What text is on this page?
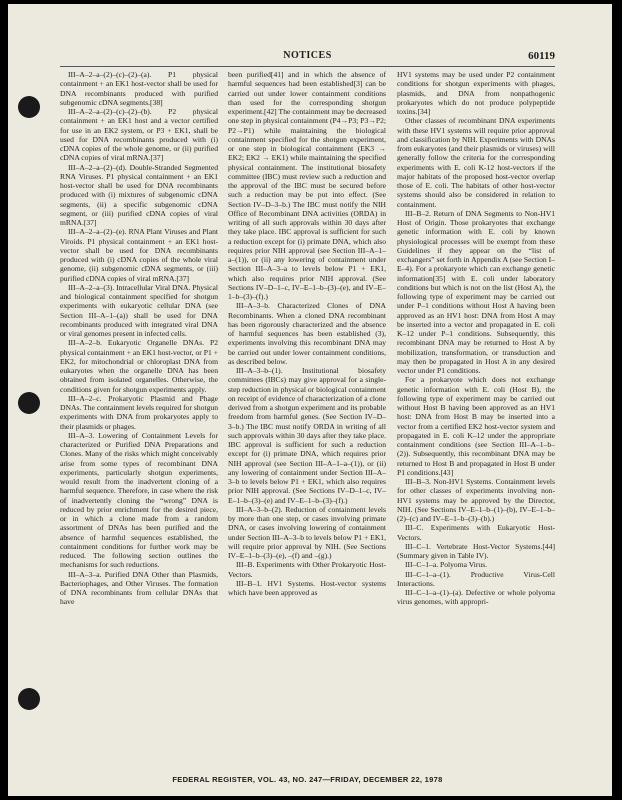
NOTICES	60119

III–A–2–a–(2)–(c)–(2)–(a). P1 physical containment + an EK1 host-vector shall be used for DNA recombinants produced with purified subgenomic cDNA segments.[38]

III–A–2–a–(2)–(c)–(2)–(b). P2 physical containment + an EK1 host and a vector certified for use in an EK2 system, or P3 + EK1, shall be used for DNA recombinants produced with (i) cDNA copies of the whole genome, or (ii) purified cDNA copies of viral mRNA.[37]

III–A–2–a–(2)–(d). Double-Stranded Segmented RNA Viruses. P1 physical containment + an EK1 host-vector shall be used for DNA recombinants produced with (i) mixtures of subgenomic cDNA segments, (ii) a specific subgenomic cDNA segment, or (iii) purified cDNA copies of viral mRNA.[37]

III–A–2–a–(2)–(e). RNA Plant Viruses and Plant Viroids. P1 physical containment + an EK1 host-vector shall be used for DNA recombinants produced with (i) cDNA copies of the whole viral genome, (ii) subgenomic cDNA segments, or (iii) purified cDNA copies of viral mRNA.[37]

III–A–2–a–(3). Intracellular Viral DNA. Physical and biological containment specified for shotgun experiments with eukaryotic cellular DNA (see Section III–A–1–(a)) shall be used for DNA recombinants produced with integrated viral DNA or viral genomes present in infected cells.

III–A–2–b. Eukaryotic Organelle DNAs. P2 physical containment + an EK1 host-vector, or P1 + EK2, for mitochondrial or chloroplast DNA from eukaryotes when the organelle DNA has been obtained from isolated organelles. Otherwise, the conditions given for shotgun experiments apply.

III–A–2–c. Prokaryotic Plasmid and Phage DNAs. The containment levels required for shotgun experiments with DNA from prokaryotes apply to their plasmids or phages.

III–A–3. Lowering of Containment Levels for characterized or Purified DNA Preparations and Clones. Many of the risks which might conceivably arise from some types of recombinant DNA experiments, particularly shotgun experiments, would result from the inadvertent cloning of a harmful sequence. Therefore, in case where the risk of inadvertently cloning the “wrong” DNA is reduced by prior enrichment for the desired piece, or in which a clone made from a random assortment of DNAs has been purified and the absence of harmful sequences established, the containment conditions for further work may be reduced. The following section outlines the mechanisms for such reductions.

III–A–3–a. Purified DNA Other than Plasmids, Bacteriophages, and Other Viruses. The formation of DNA recombinants from cellular DNAs that have

been purified[41] and in which the absence of harmful sequences had been established[3] can be carried out under lower containment conditions than used for the corresponding shotgun experiment.[42] The containment may be decreased one step in physical containment (P4→P3; P3→P2; P2→P1) while maintaining the biological containment specified for the shotgun experiment, or one step in biological containment (EK3 → EK2; EK2 → EK1) while maintaining the specified physical containment. The institutional biosafety committee (IBC) must review such a reduction and the approval of the IBC must be secured before such a reduction may be put into effect. (See Section IV–D–3–b.) The IBC must notify the NIH Office of Recombinant DNA activities (ORDA) in writing of all such approvals within 30 days after they take place. IBC approval is sufficient for such a reduction except for (i) primate DNA, which also requires prior NIH approval (see Section III–A–1–a–(1)), or (ii) any lowering of containment under Section III–A–3–a to levels below P1 + EK1, which also requires prior NIH approval. (See Sections IV–D–1–c, IV–E–1–b–(3)–(e), and IV–E–1–b–(3)–(f).)

III–A–3–b. Characterized Clones of DNA Recombinants. When a cloned DNA recombinant has been rigorously characterized and the absence of harmful sequences has been established (3), experiments involving this recombinant DNA may be carried out under lower containment conditions, as described below.

III–A–3–b–(1). Institutional biosafety committees (IBCs) may give approval for a single-step reduction in physical or biological containment on receipt of evidence of characterization of a clone derived from a shotgun experiment and its probable freedom from harmful genes. (See Section IV–D–3–b.) The IBC must notify ORDA in writing of all such approvals within 30 days after they take place. IBC approval is sufficient for such a reduction except for (i) primate DNA, which requires prior NIH approval (see Section III–A–1–a–(1)), or (ii) any lowering of containment under Section III–A–3–b to levels below P1 + EK1, which also requires prior NIH approval. (See Sections IV–D–1–c, IV–E–1–b–(3)–(e) and IV–E–1–b–(3)–(f).)

III–A–3–b–(2). Reduction of containment levels by more than one step, or cases involving primate DNA, or cases involving lowering of containment under Section III–A–3–b to levels below P1 + EK1, will require prior approval by NIH. (See Sections IV–E–1–b–(3)–(e), –(f) and –(g).)

III–B. Experiments with Other Prokaryotic Host-Vectors.

III–B–1. HV1 Systems. Host-vector systems which have been approved as

HV1 systems may be used under P2 containment conditions for shotgun experiments with phages, plasmids, and DNA from nonpathogenic prokaryotes which do not produce polypeptide toxins.[34]

Other classes of recombinant DNA experiments with these HV1 systems will require prior approval and classification by NIH. Experiments with DNAs from eukaryotes (and their plasmids or viruses) will generally follow the criteria for the corresponding experiments with E. coli K-12 host-vectors if the major habitats of the proposed host-vector overlap those of E. coli. The habitats of other host-vector systems should also be considered in relation to containment.

III–B–2. Return of DNA Segments to Non-HV1 Host of Origin. Those prokaryotes that exchange genetic information with E. coli by known physiological processes will be exempt from these Guidelines if they appear on the “list of exchangers” set forth in Appendix A (see Section I–E–4). For a prokaryote which can exchange genetic information[35] with E. coli under laboratory conditions but which is not on the list (Host A), the following type of experiment may be carried out under P–1 conditions without Host A having been approved as an HV1 host: DNA from Host A may be inserted into a vector and propagated in E. coli K–12 under P–1 conditions. Subsequently, this recombinant DNA may be returned to Host A by mobilization, transformation, or transduction and may then be propagated in Host A in any desired vector under P1 conditions.

For a prokaryote which does not exchange genetic information with E. coli (Host B), the following type of experiment may be carried out without Host B having been approved as an HV1 host: DNA from Host B may be inserted into a vector from a certified EK2 host-vector system and propagated in E. coli K–12 under the appropriate containment conditions (see Section III–A–1–b–(2)). Subsequently, this recombinant DNA may be returned to Host B and propagated in Host B under P1 conditions.[43]

III–B–3. Non-HV1 Systems. Containment levels for other classes of experiments involving non-HV1 systems may be approved by the Director, NIH. (See Sections IV–E–1–b–(1)–(b), IV–E–1–b–(2)–(c) and IV–E–1–b–(3)–(b).)

III–C. Experiments with Eukaryotic Host-Vectors.

III–C–1. Vertebrate Host-Vector Systems.[44] (Summary given in Table IV).

III–C–1–a. Polyoma Virus.

III–C–1–a–(1). Productive Virus-Cell Interactions.

III–C–1–a–(1)–(a). Defective or whole polyoma virus genomes, with appropri-

FEDERAL REGISTER, VOL. 43, NO. 247—FRIDAY, DECEMBER 22, 1978
